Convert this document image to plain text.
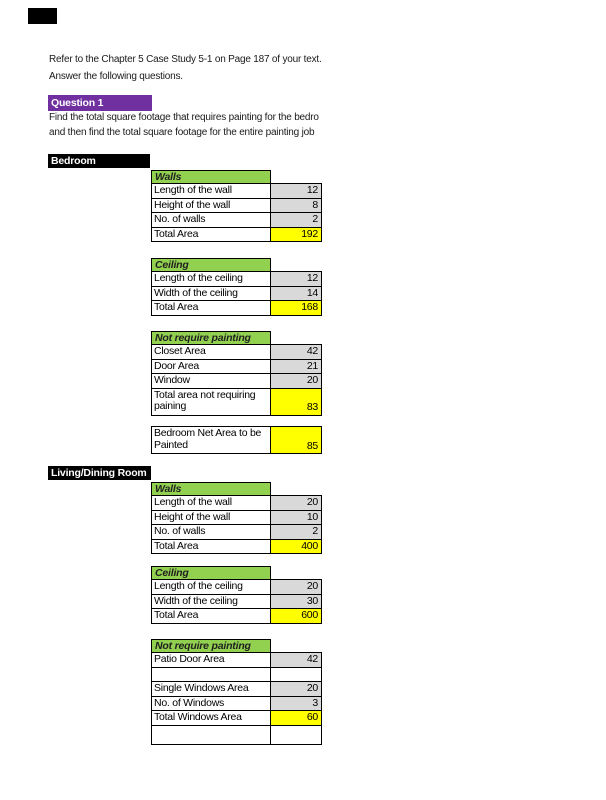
Refer to the Chapter 5 Case Study 5-1 on Page 187 of your text.
Answer the following questions.
Question 1
Find the total square footage that requires painting for the bedro
and then find the total square footage for the entire painting job
Bedroom
Walls
Length of the wall	12
Height of the wall	8
No. of walls	2
Total Area	192
Ceiling
Length of the ceiling	12
Width of the ceiling	14
Total Area	168
Not require painting
Closet Area	42
Door Area	21
Window	20
Total area not requiring paining	83
Bedroom Net Area to be Painted	85
Living/Dining Room
Walls
Length of the wall	20
Height of the wall	10
No. of walls	2
Total Area	400
Ceiling
Length of the ceiling	20
Width of the ceiling	30
Total Area	600
Not require painting
Patio Door Area	42
Single Windows Area	20
No. of Windows	3
Total Windows Area	60
